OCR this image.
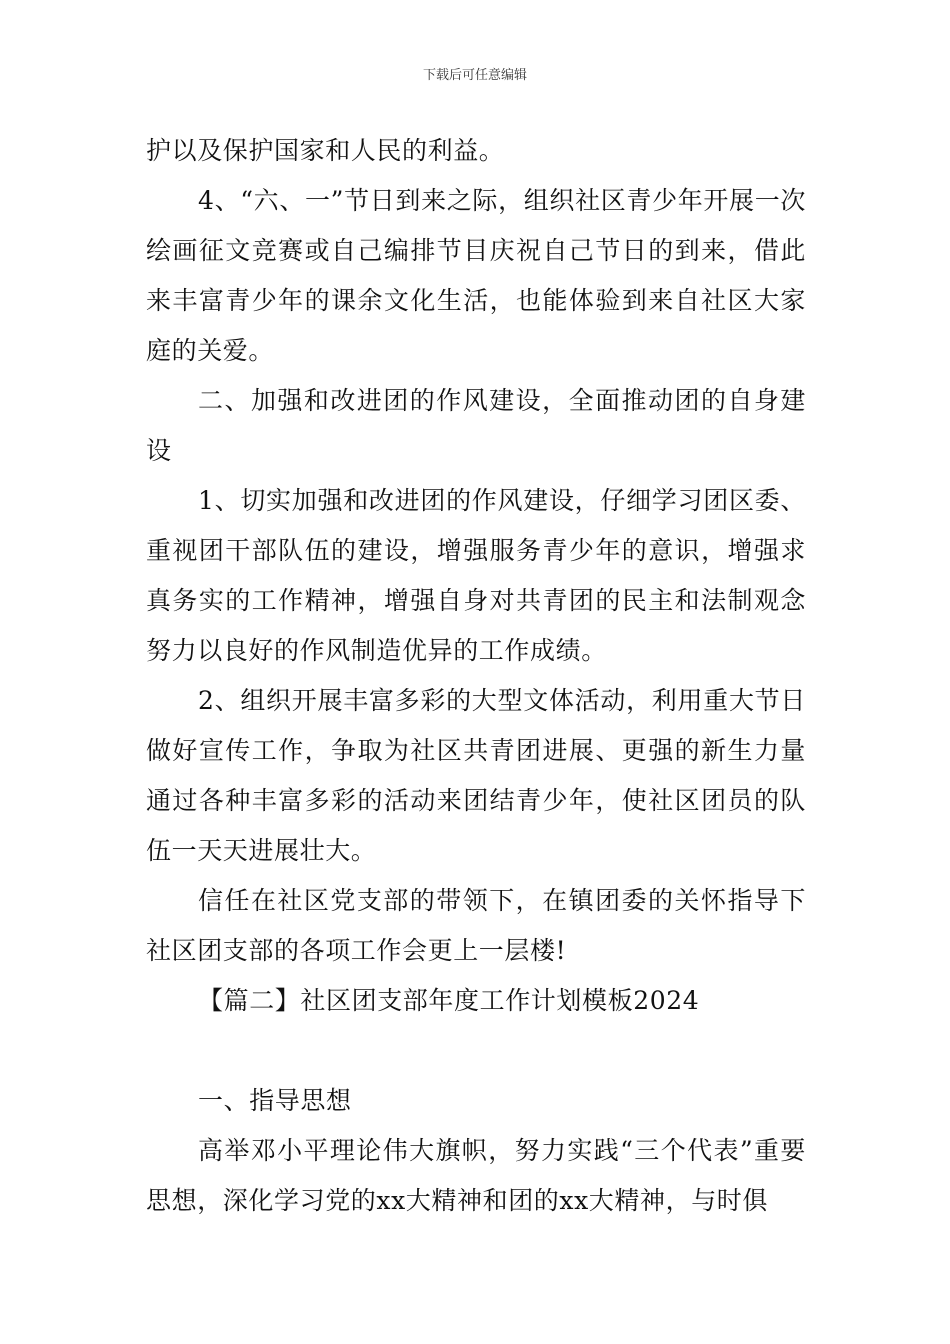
下载后可任意编辑

护以及保护国家和人民的利益。

4、“六、一”节日到来之际，组织社区青少年开展一次绘画征文竞赛或自己编排节目庆祝自己节日的到来，借此来丰富青少年的课余文化生活，也能体验到来自社区大家庭的关爱。

二、加强和改进团的作风建设，全面推动团的自身建设

1、切实加强和改进团的作风建设，仔细学习团区委、重视团干部队伍的建设，增强服务青少年的意识，增强求真务实的工作精神，增强自身对共青团的民主和法制观念努力以良好的作风制造优异的工作成绩。

2、组织开展丰富多彩的大型文体活动，利用重大节日做好宣传工作，争取为社区共青团进展、更强的新生力量通过各种丰富多彩的活动来团结青少年，使社区团员的队伍一天天进展壮大。

信任在社区党支部的带领下，在镇团委的关怀指导下社区团支部的各项工作会更上一层楼!

【篇二】社区团支部年度工作计划模板2024

一、指导思想

高举邓小平理论伟大旗帜，努力实践“三个代表”重要思想，深化学习党的xx大精神和团的xx大精神，与时俱
